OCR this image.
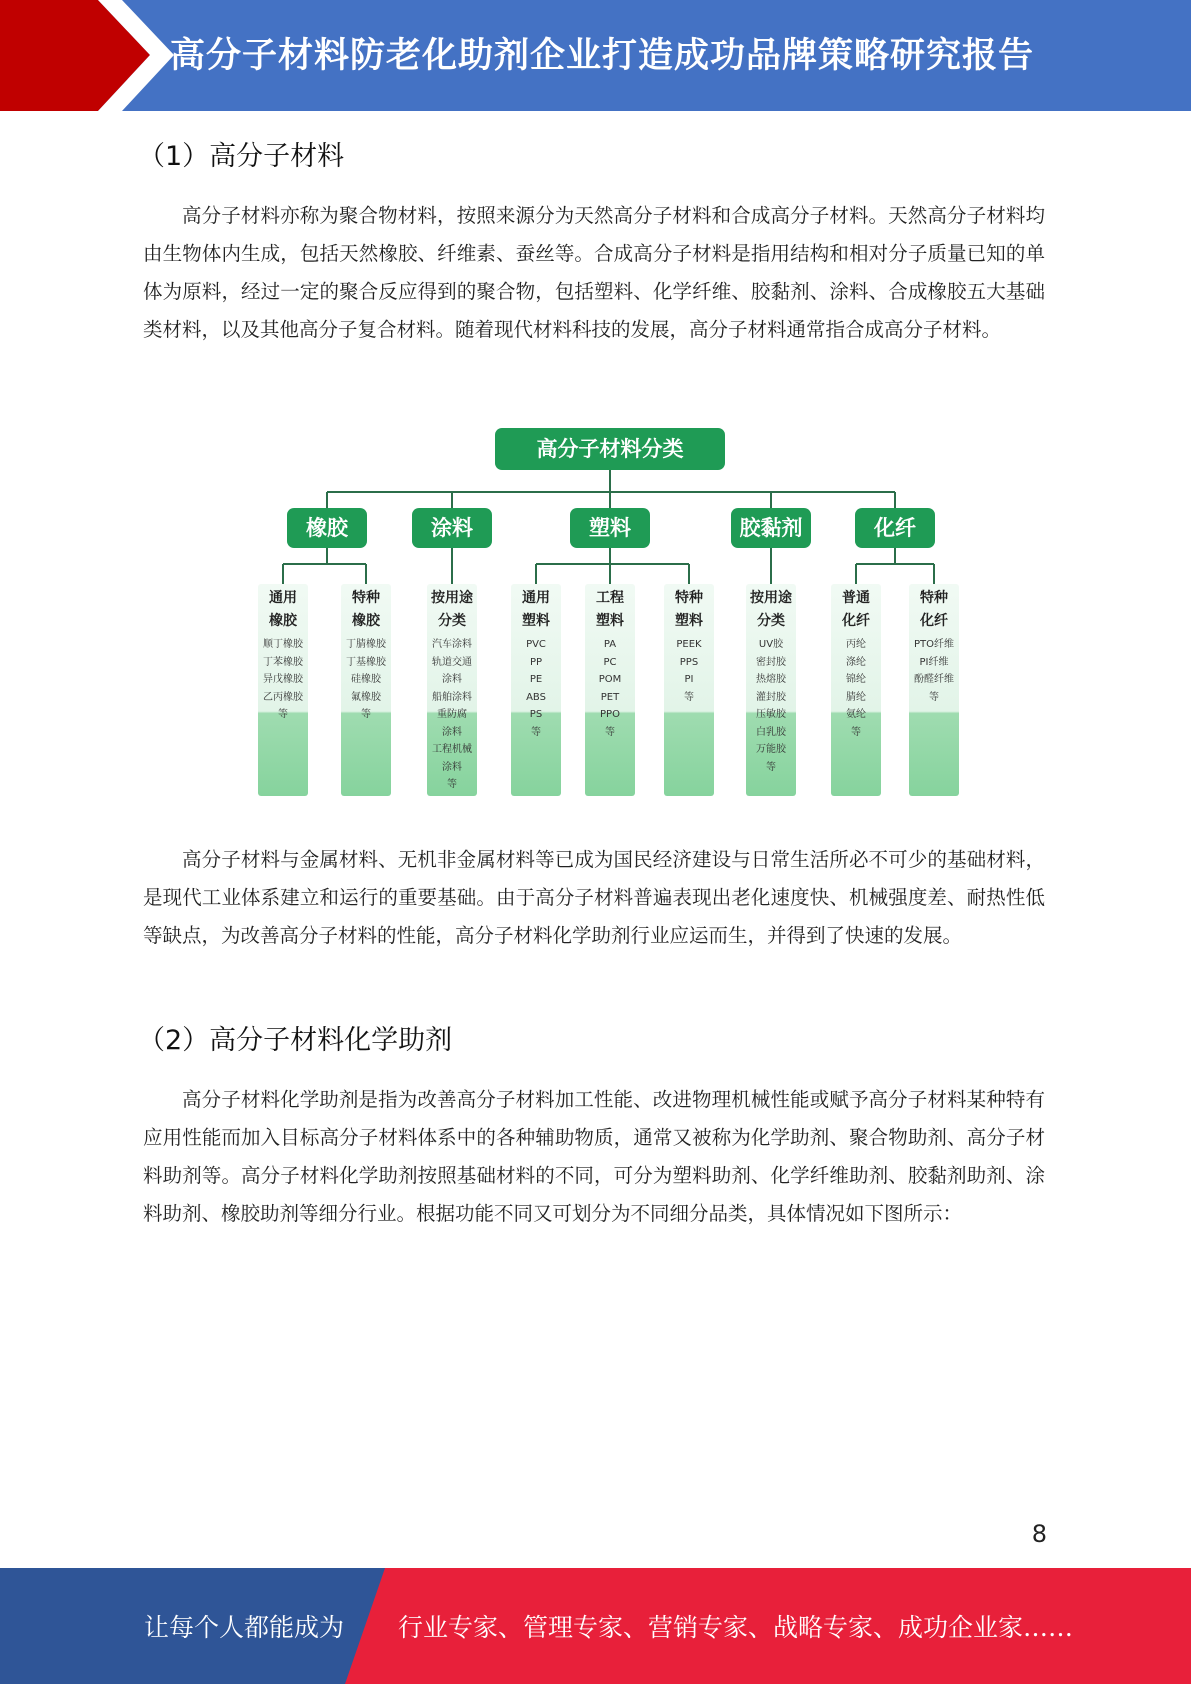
高分子材料防老化助剂企业打造成功品牌策略研究报告
（1）高分子材料

高分子材料亦称为聚合物材料，按照来源分为天然高分子材料和合成高分子材料。天然高分子材料均由生物体内生成，包括天然橡胶、纤维素、蚕丝等。合成高分子材料是指用结构和相对分子质量已知的单体为原料，经过一定的聚合反应得到的聚合物，包括塑料、化学纤维、胶黏剂、涂料、合成橡胶五大基础类材料，以及其他高分子复合材料。随着现代材料科技的发展，高分子材料通常指合成高分子材料。

高分子材料分类
橡胶	涂料	塑料	胶黏剂	化纤
通用
橡胶
顺丁橡胶
丁苯橡胶
异戊橡胶
乙丙橡胶
等
特种
橡胶
丁腈橡胶
丁基橡胶
硅橡胶
氟橡胶
等
按用途
分类
汽车涂料
轨道交通
涂料
船舶涂料
重防腐
涂料
工程机械
涂料
等
通用
塑料
PVC
PP
PE
ABS
PS
等
工程
塑料
PA
PC
POM
PET
PPO
等
特种
塑料
PEEK
PPS
PI
等
按用途
分类
UV胶
密封胶
热熔胶
灌封胶
压敏胶
白乳胶
万能胶
等
普通
化纤
丙纶
涤纶
锦纶
腈纶
氨纶
等
特种
化纤
PTO纤维
PI纤维
酚醛纤维
等

高分子材料与金属材料、无机非金属材料等已成为国民经济建设与日常生活所必不可少的基础材料，是现代工业体系建立和运行的重要基础。由于高分子材料普遍表现出老化速度快、机械强度差、耐热性低等缺点，为改善高分子材料的性能，高分子材料化学助剂行业应运而生，并得到了快速的发展。

（2）高分子材料化学助剂

高分子材料化学助剂是指为改善高分子材料加工性能、改进物理机械性能或赋予高分子材料某种特有应用性能而加入目标高分子材料体系中的各种辅助物质，通常又被称为化学助剂、聚合物助剂、高分子材料助剂等。高分子材料化学助剂按照基础材料的不同，可分为塑料助剂、化学纤维助剂、胶黏剂助剂、涂料助剂、橡胶助剂等细分行业。根据功能不同又可划分为不同细分品类，具体情况如下图所示：

8
让每个人都能成为 行业专家、管理专家、营销专家、战略专家、成功企业家……
